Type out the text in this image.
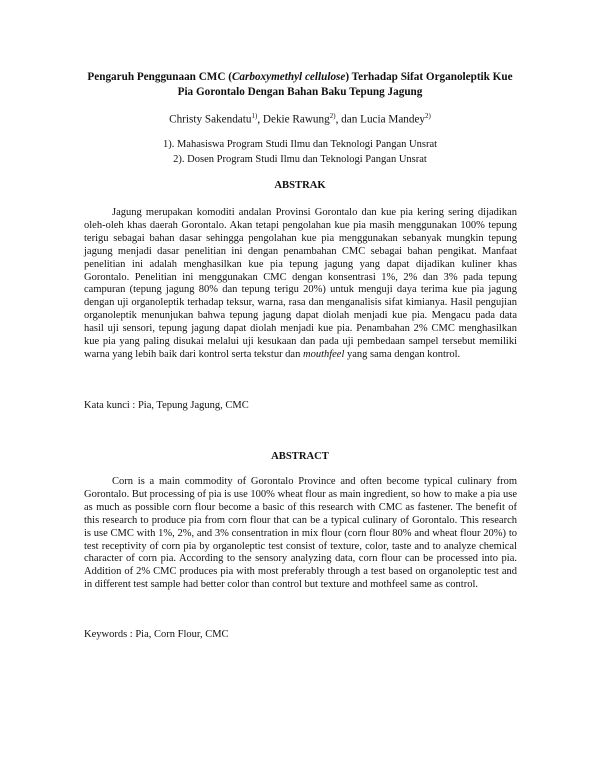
Pengaruh Penggunaan CMC (Carboxymethyl cellulose) Terhadap Sifat Organoleptik Kue
Pia Gorontalo Dengan Bahan Baku Tepung Jagung
Christy Sakendatu$^{1)}$, Dekie Rawung$^{2)}$, dan Lucia Mandey$^{2)}$
1). Mahasiswa Program Studi Ilmu dan Teknologi Pangan Unsrat
2). Dosen Program Studi Ilmu dan Teknologi Pangan Unsrat
ABSTRAK
Jagung merupakan komoditi andalan Provinsi Gorontalo dan kue pia kering sering dijadikan oleh-oleh khas daerah Gorontalo. Akan tetapi pengolahan kue pia masih menggunakan 100% tepung terigu sebagai bahan dasar sehingga pengolahan kue pia menggunakan sebanyak mungkin tepung jagung menjadi dasar penelitian ini dengan penambahan CMC sebagai bahan pengikat. Manfaat penelitian ini adalah menghasilkan kue pia tepung jagung yang dapat dijadikan kuliner khas Gorontalo. Penelitian ini menggunakan CMC dengan konsentrasi 1%, 2% dan 3% pada tepung campuran (tepung jagung 80% dan tepung terigu 20%) untuk menguji daya terima kue pia jagung dengan uji organoleptik terhadap teksur, warna, rasa dan menganalisis sifat kimianya. Hasil pengujian organoleptik menunjukan bahwa tepung jagung dapat diolah menjadi kue pia. Mengacu pada data hasil uji sensori, tepung jagung dapat diolah menjadi kue pia. Penambahan 2% CMC menghasilkan kue pia yang paling disukai melalui uji kesukaan dan pada uji pembedaan sampel tersebut memiliki warna yang lebih baik dari kontrol serta tekstur dan mouthfeel yang sama dengan kontrol.
Kata kunci : Pia, Tepung Jagung, CMC
ABSTRACT
Corn is a main commodity of Gorontalo Province and often become typical culinary from Gorontalo. But processing of pia is use 100% wheat flour as main ingredient, so how to make a pia use as much as possible corn flour become a basic of this research with CMC as fastener. The benefit of this research to produce pia from corn flour that can be a typical culinary of Gorontalo. This research is use CMC with 1%, 2%, and 3% consentration in mix flour (corn flour 80% and wheat flour 20%) to test receptivity of corn pia by organoleptic test consist of texture, color, taste and to analyze chemical character of corn pia. According to the sensory analyzing data, corn flour can be processed into pia. Addition of 2% CMC produces pia with most preferably through a test based on organoleptic test and in different test sample had better color than control but texture and mothfeel same as control.
Keywords : Pia, Corn Flour, CMC
